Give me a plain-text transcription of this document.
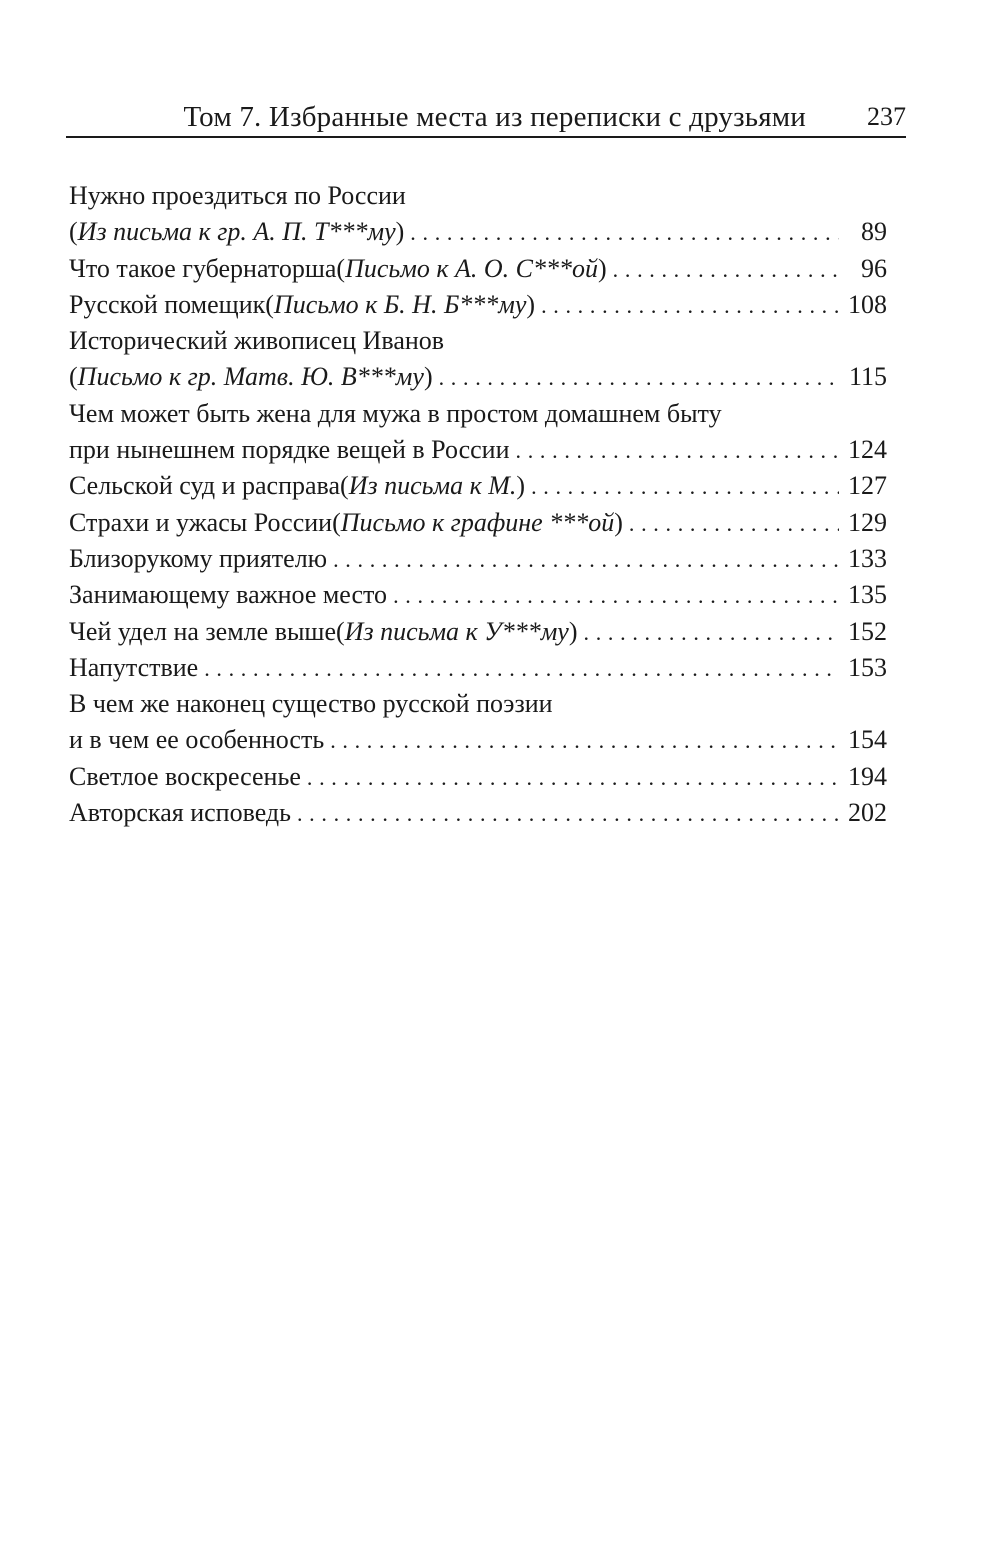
Том 7. Избранные места из переписки с друзьями 237
Нужно проездиться по России
( Из письма к гр. А. П. Т***му ) . . .	89
Что такое губернаторша ( Письмо к А. О. С***ой ) . . .	96
Русской помещик ( Письмо к Б. Н. Б***му ) . . .	108
Исторический живописец Иванов
( Письмо к гр. Матв. Ю. В***му ) . . .	115
Чем может быть жена для мужа в простом домашнем быту
при нынешнем порядке вещей в России . . .	124
Сельской суд и расправа ( Из письма к М. ) . . .	127
Страхи и ужасы России ( Письмо к графине ***ой ) . . .	129
Близорукому приятелю . . .	133
Занимающему важное место . . .	135
Чей удел на земле выше ( Из письма к У***му ) . . .	152
Напутствие . . .	153
В чем же наконец существо русской поэзии
и в чем ее особенность . . .	154
Светлое воскресенье . . .	194
Авторская исповедь . . .	202
